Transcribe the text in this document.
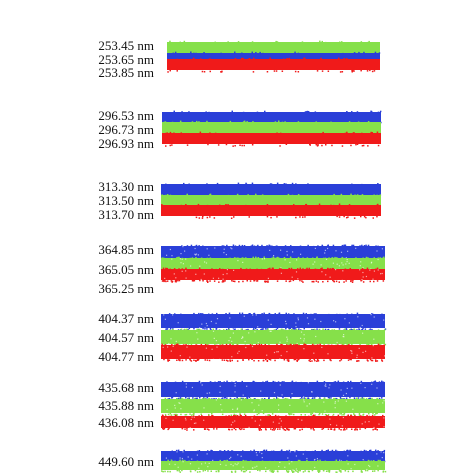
253.45 nm
253.65 nm
253.85 nm
296.53 nm
296.73 nm
296.93 nm
313.30 nm
313.50 nm
313.70 nm
364.85 nm
365.05 nm
365.25 nm
404.37 nm
404.57 nm
404.77 nm
435.68 nm
435.88 nm
436.08 nm
449.60 nm
